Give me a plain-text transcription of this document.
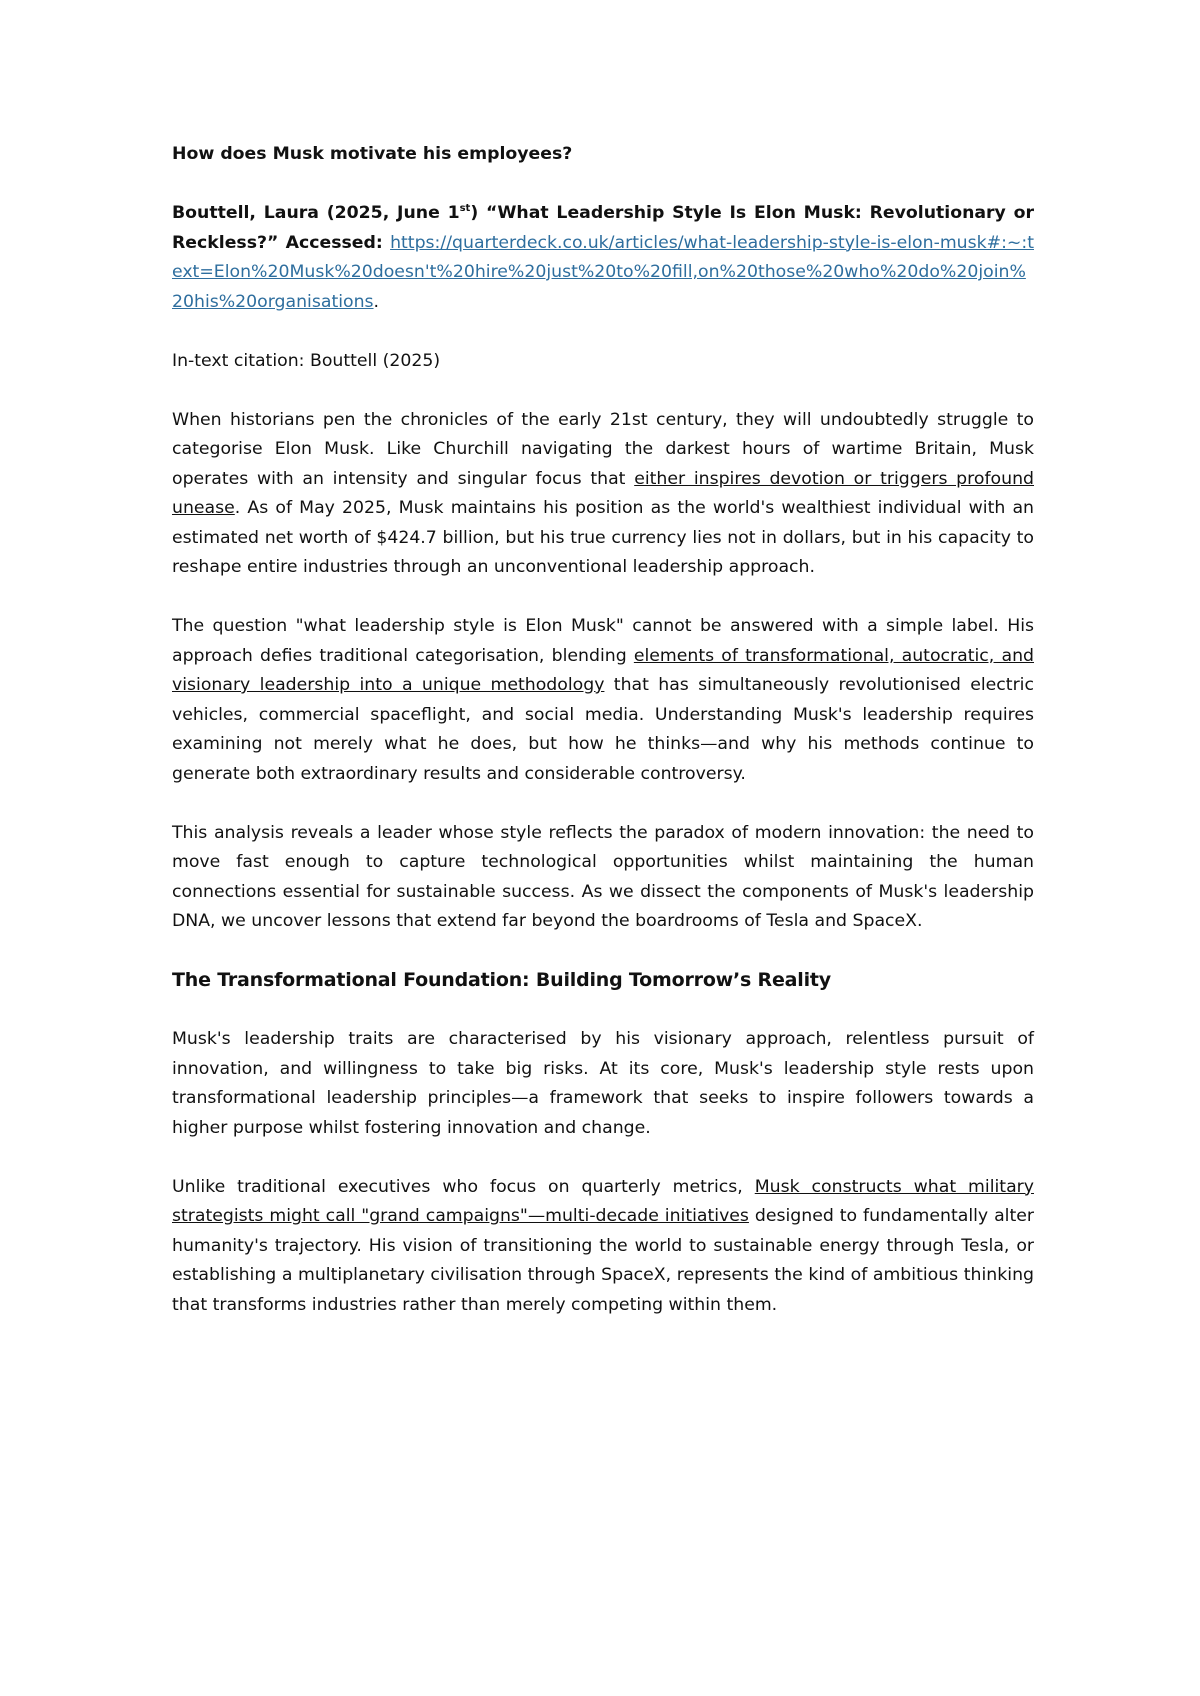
How does Musk motivate his employees?

Bouttell, Laura (2025, June 1st) “What Leadership Style Is Elon Musk: Revolutionary or Reckless?” Accessed: https://quarterdeck.co.uk/articles/what-leadership-style-is-elon-musk#:~:text=Elon%20Musk%20doesn't%20hire%20just%20to%20fill,on%20those%20who%20do%20join%20his%20organisations.

In-text citation: Bouttell (2025)

When historians pen the chronicles of the early 21st century, they will undoubtedly struggle to categorise Elon Musk. Like Churchill navigating the darkest hours of wartime Britain, Musk operates with an intensity and singular focus that either inspires devotion or triggers profound unease. As of May 2025, Musk maintains his position as the world's wealthiest individual with an estimated net worth of $424.7 billion, but his true currency lies not in dollars, but in his capacity to reshape entire industries through an unconventional leadership approach.

The question "what leadership style is Elon Musk" cannot be answered with a simple label. His approach defies traditional categorisation, blending elements of transformational, autocratic, and visionary leadership into a unique methodology that has simultaneously revolutionised electric vehicles, commercial spaceflight, and social media. Understanding Musk's leadership requires examining not merely what he does, but how he thinks—and why his methods continue to generate both extraordinary results and considerable controversy.

This analysis reveals a leader whose style reflects the paradox of modern innovation: the need to move fast enough to capture technological opportunities whilst maintaining the human connections essential for sustainable success. As we dissect the components of Musk's leadership DNA, we uncover lessons that extend far beyond the boardrooms of Tesla and SpaceX.

The Transformational Foundation: Building Tomorrow’s Reality

Musk's leadership traits are characterised by his visionary approach, relentless pursuit of innovation, and willingness to take big risks. At its core, Musk's leadership style rests upon transformational leadership principles—a framework that seeks to inspire followers towards a higher purpose whilst fostering innovation and change.

Unlike traditional executives who focus on quarterly metrics, Musk constructs what military strategists might call "grand campaigns"—multi-decade initiatives designed to fundamentally alter humanity's trajectory. His vision of transitioning the world to sustainable energy through Tesla, or establishing a multiplanetary civilisation through SpaceX, represents the kind of ambitious thinking that transforms industries rather than merely competing within them.
